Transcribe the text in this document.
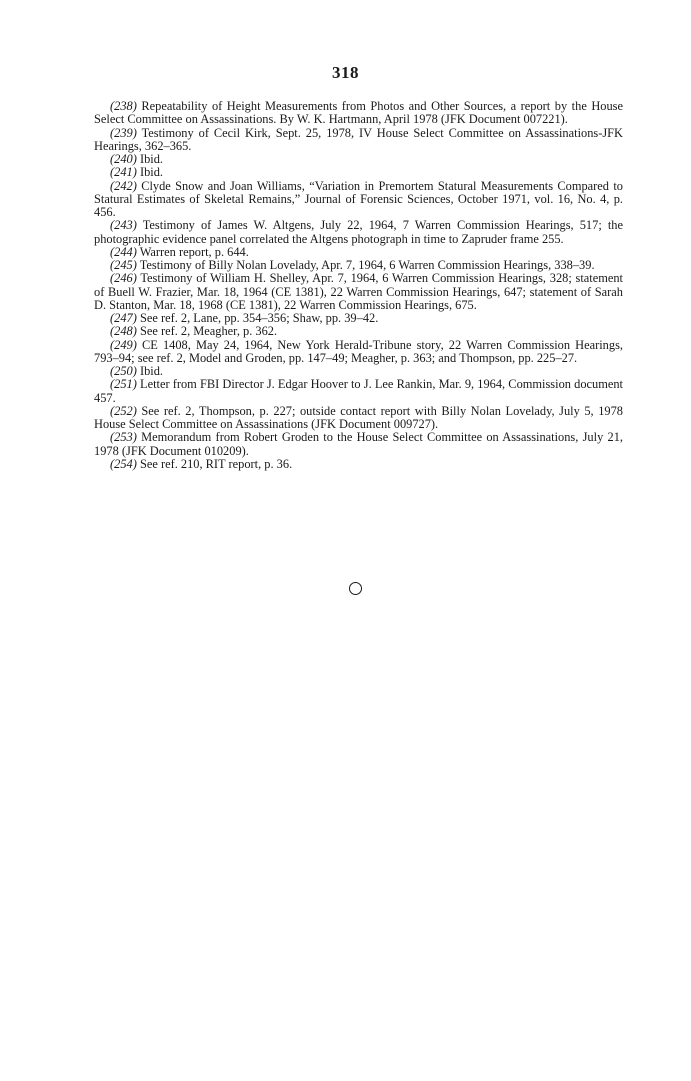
318

(238) Repeatability of Height Measurements from Photos and Other Sources, a report by the House Select Committee on Assassinations. By W. K. Hartmann, April 1978 (JFK Document 007221).

(239) Testimony of Cecil Kirk, Sept. 25, 1978, IV House Select Committee on Assassinations-JFK Hearings, 362–365.

(240) Ibid.

(241) Ibid.

(242) Clyde Snow and Joan Williams, “Variation in Premortem Statural Measurements Compared to Statural Estimates of Skeletal Remains,” Journal of Forensic Sciences, October 1971, vol. 16, No. 4, p. 456.

(243) Testimony of James W. Altgens, July 22, 1964, 7 Warren Commission Hearings, 517; the photographic evidence panel correlated the Altgens photograph in time to Zapruder frame 255.

(244) Warren report, p. 644.

(245) Testimony of Billy Nolan Lovelady, Apr. 7, 1964, 6 Warren Commission Hearings, 338–39.

(246) Testimony of William H. Shelley, Apr. 7, 1964, 6 Warren Commission Hearings, 328; statement of Buell W. Frazier, Mar. 18, 1964 (CE 1381), 22 Warren Commission Hearings, 647; statement of Sarah D. Stanton, Mar. 18, 1968 (CE 1381), 22 Warren Commission Hearings, 675.

(247) See ref. 2, Lane, pp. 354–356; Shaw, pp. 39–42.

(248) See ref. 2, Meagher, p. 362.

(249) CE 1408, May 24, 1964, New York Herald-Tribune story, 22 Warren Commission Hearings, 793–94; see ref. 2, Model and Groden, pp. 147–49; Meagher, p. 363; and Thompson, pp. 225–27.

(250) Ibid.

(251) Letter from FBI Director J. Edgar Hoover to J. Lee Rankin, Mar. 9, 1964, Commission document 457.

(252) See ref. 2, Thompson, p. 227; outside contact report with Billy Nolan Lovelady, July 5, 1978 House Select Committee on Assassinations (JFK Document 009727).

(253) Memorandum from Robert Groden to the House Select Committee on Assassinations, July 21, 1978 (JFK Document 010209).

(254) See ref. 210, RIT report, p. 36.
